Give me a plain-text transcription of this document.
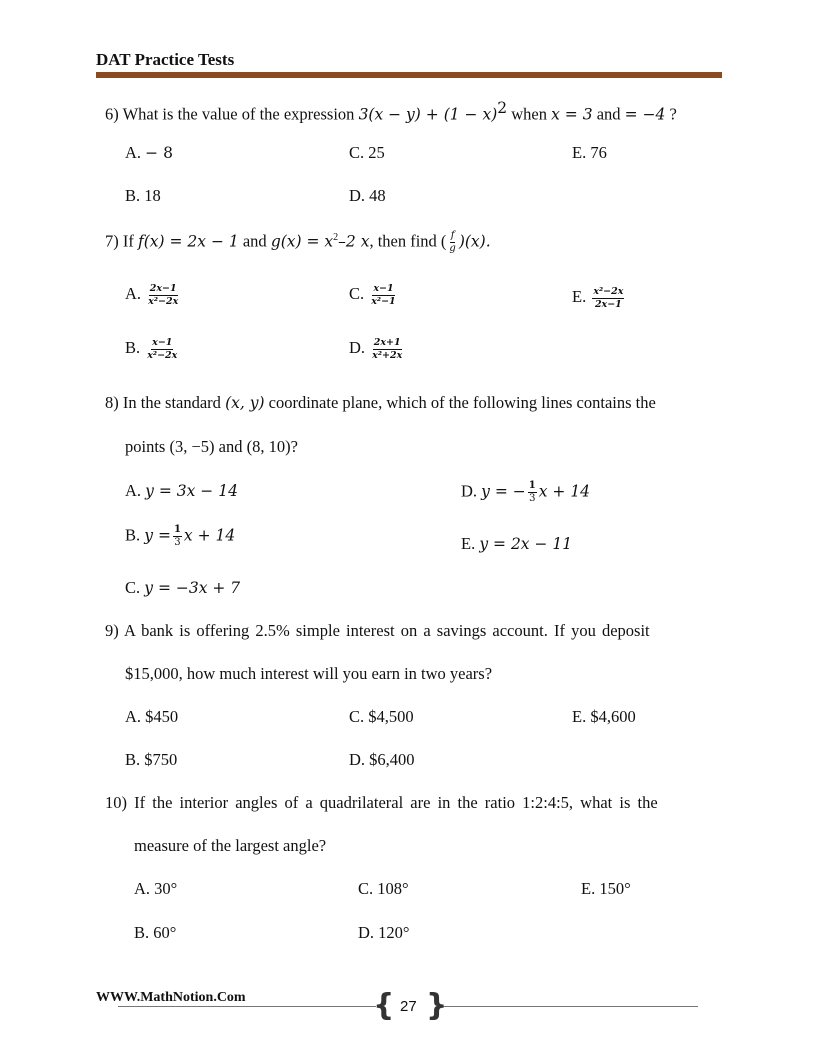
DAT Practice Tests
6) What is the value of the expression $3(x - y) + (1 - x)^2$ when x = 3 and = −4 ?
A. − 8
B. 18
C. 25
D. 48
E. 76
7) If f(x) = 2x − 1 and $g(x) = x^2-2$ x, then find ( $\frac{f}{g} )(x)$.
A. $\frac{2x-1}{\text{x²−2x}}$
B. $\frac{x-1}{\text{x²−2x}}$
C. $\frac{x-1}{\text{x²−1}}$
D. $\frac{2x+1}{\text{x²+2x}}$
E. $\frac{\text{x²−2x}}{2x-1}$
8) In the standard (x, y) coordinate plane, which of the following lines contains the
points (3, −5) and (8, 10)?
A. y = 3x − 14
B. $y = \frac{1}{3}$ x + 14
C. y = −3x + 7
D. y = − $\frac{1}{3}$ x + 14
E. y = 2x − 11
9) A bank is offering 2.5% simple interest on a savings account. If you deposit
$15,000, how much interest will you earn in two years?
A. $450
B. $750
C. $4,500
D. $6,400
E. $4,600
10) If the interior angles of a quadrilateral are in the ratio 1:2:4:5, what is the
measure of the largest angle?
A. 30°
B. 60°
C. 108°
D. 120°
E. 150°
WWW.MathNotion.Com	{ 27 }
